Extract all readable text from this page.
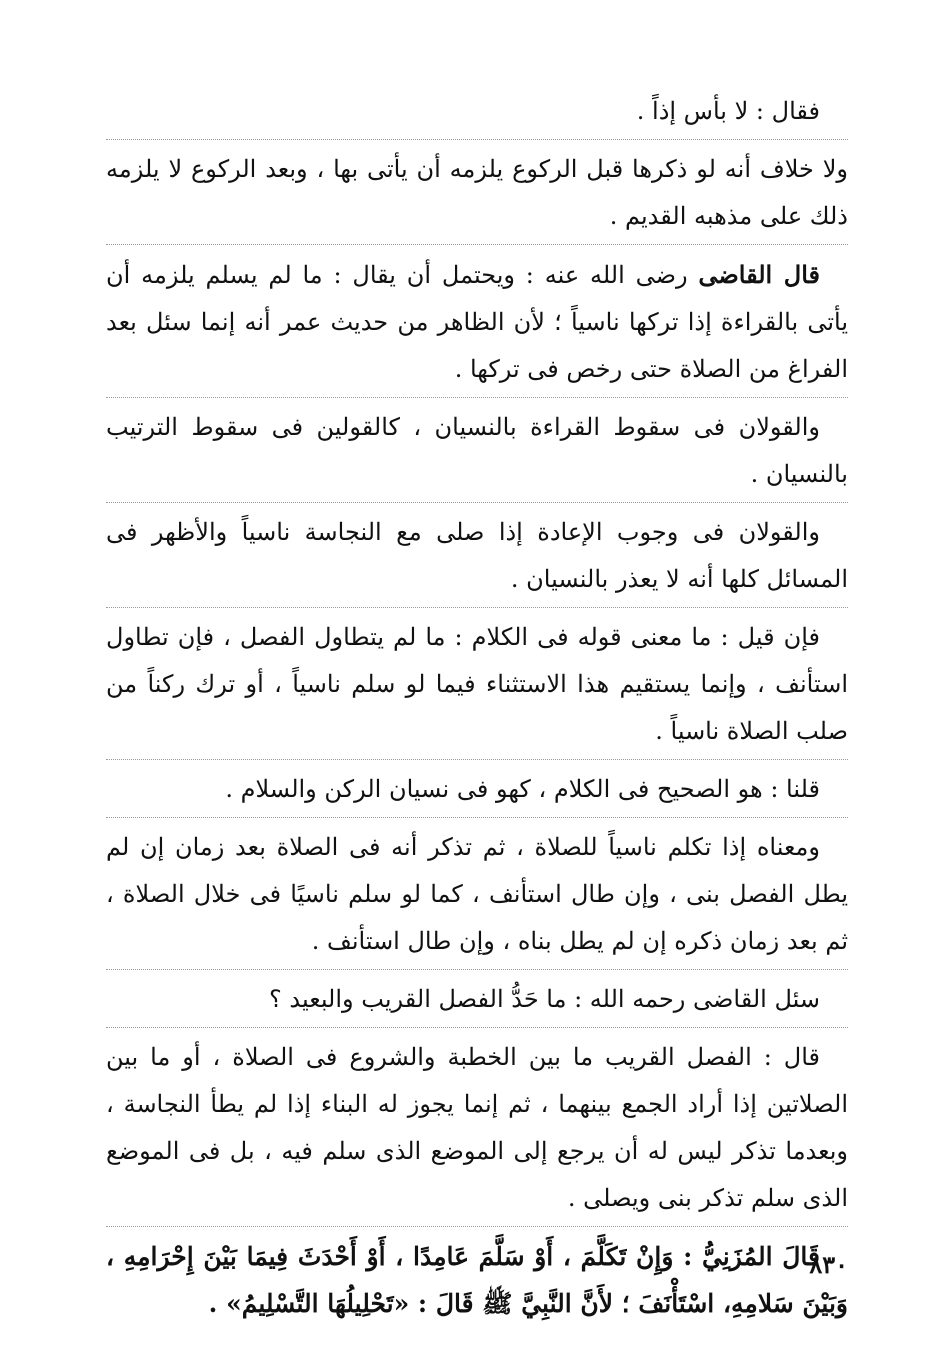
فقال : لا بأس إذاً .

ولا خلاف أنه لو ذكرها قبل الركوع يلزمه أن يأتى بها ، وبعد الركوع لا يلزمه ذلك على مذهبه القديم .

قال القاضى رضى الله عنه : ويحتمل أن يقال : ما لم يسلم يلزمه أن يأتى بالقراءة إذا تركها ناسياً ؛ لأن الظاهر من حديث عمر أنه إنما سئل بعد الفراغ من الصلاة حتى رخص فى تركها .

والقولان فى سقوط القراءة بالنسيان ، كالقولين فى سقوط الترتيب بالنسيان .

والقولان فى وجوب الإعادة إذا صلى مع النجاسة ناسياً والأظهر فى المسائل كلها أنه لا يعذر بالنسيان .

فإن قيل : ما معنى قوله فى الكلام : ما لم يتطاول الفصل ، فإن تطاول استأنف ، وإنما يستقيم هذا الاستثناء فيما لو سلم ناسياً ، أو ترك ركناً من صلب الصلاة ناسياً .

قلنا : هو الصحيح فى الكلام ، كهو فى نسيان الركن والسلام .

ومعناه إذا تكلم ناسياً للصلاة ، ثم تذكر أنه فى الصلاة بعد زمان إن لم يطل الفصل بنى ، وإن طال استأنف ، كما لو سلم ناسيًا فى خلال الصلاة ، ثم بعد زمان ذكره إن لم يطل بناه ، وإن طال استأنف .

سئل القاضى رحمه الله : ما حَدُّ الفصل القريب والبعيد ؟

قال : الفصل القريب ما بين الخطبة والشروع فى الصلاة ، أو ما بين الصلاتين إذا أراد الجمع بينهما ، ثم إنما يجوز له البناء إذا لم يطأ النجاسة ، وبعدما تذكر ليس له أن يرجع إلى الموضع الذى سلم فيه ، بل فى الموضع الذى سلم تذكر بنى ويصلى .

قَالَ المُزَنِيُّ : وَإِنْ تَكَلَّمَ ، أَوْ سَلَّمَ عَامِدًا ، أَوْ أَحْدَثَ فِيمَا بَيْنَ إِحْرَامِهِ ، وَبَيْنَ سَلامِهِ، اسْتَأْنَفَ ؛ لأَنَّ النَّبِيَّ ﷺ قَالَ : «تَحْلِيلُهَا التَّسْلِيمُ» .

٨٣٠
